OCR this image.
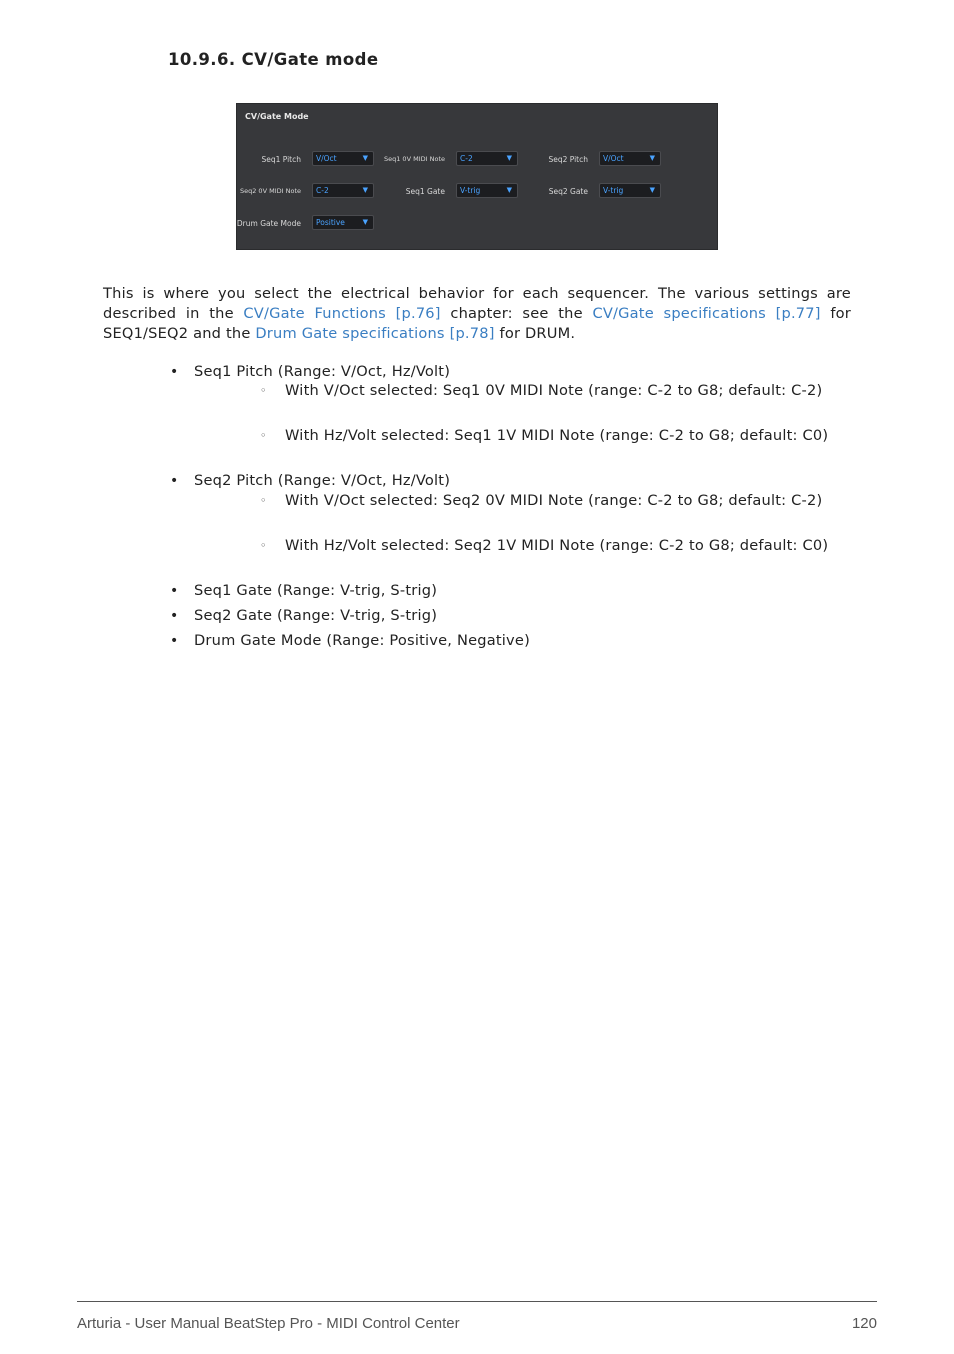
10.9.6. CV/Gate mode
CV/Gate Mode
Seq1 Pitch V/Oct	▼ Seq1 0V MIDI Note C-2	▼	Seq2 Pitch V/Oct	▼
Seq2 0V MIDI Note C-2	▼	Seq1 Gate V-trig	▼	Seq2 Gate V-trig	▼
Drum Gate Mode Positive	▼
This is where you select the electrical behavior for each sequencer. The various settings are described in the CV/Gate Functions [p.76] chapter: see the CV/Gate specifications [p.77] for SEQ1/SEQ2 and the Drum Gate specifications [p.78] for DRUM.
• Seq1 Pitch (Range: V/Oct, Hz/Volt)
◦ With V/Oct selected: Seq1 0V MIDI Note (range: C-2 to G8; default: C-2)
◦ With Hz/Volt selected: Seq1 1V MIDI Note (range: C-2 to G8; default: C0)
• Seq2 Pitch (Range: V/Oct, Hz/Volt)
◦ With V/Oct selected: Seq2 0V MIDI Note (range: C-2 to G8; default: C-2)
◦ With Hz/Volt selected: Seq2 1V MIDI Note (range: C-2 to G8; default: C0)
• Seq1 Gate (Range: V-trig, S-trig)
• Seq2 Gate (Range: V-trig, S-trig)
• Drum Gate Mode (Range: Positive, Negative)
Arturia - User Manual BeatStep Pro - MIDI Control Center	120
